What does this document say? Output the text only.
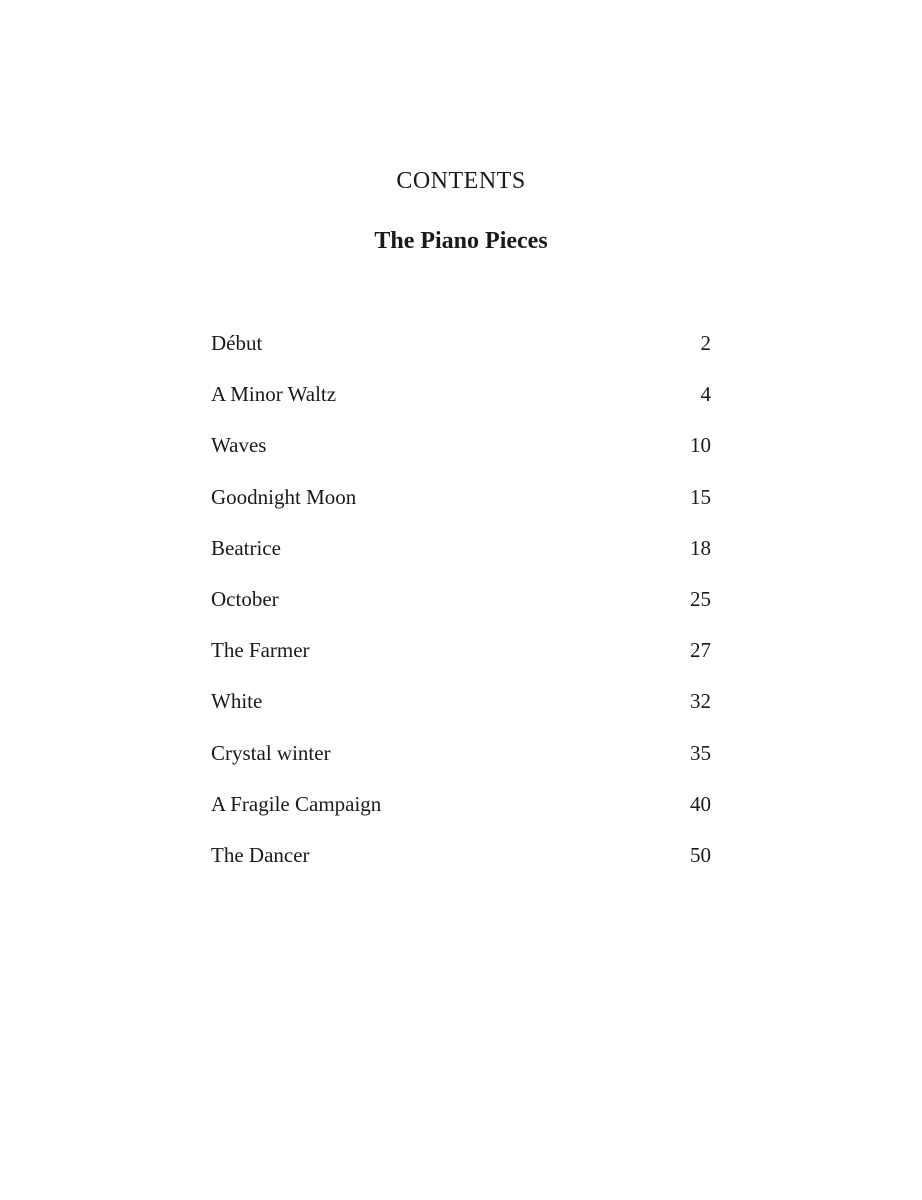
CONTENTS
The Piano Pieces
Début	2
A Minor Waltz	4
Waves	10
Goodnight Moon	15
Beatrice	18
October	25
The Farmer	27
White	32
Crystal winter	35
A Fragile Campaign	40
The Dancer	50
